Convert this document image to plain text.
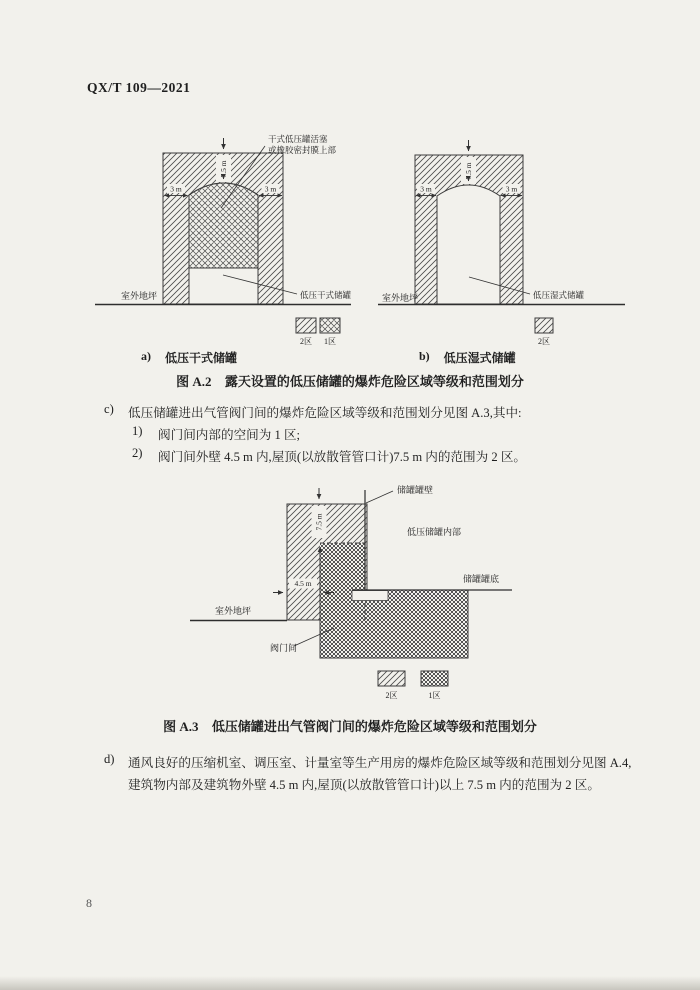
QX/T 109—2021
7.5 m
3 m	3 m
干式低压罐活塞
或橡胶密封膜上部
低压干式储罐
室外地坪
7.5 m
3 m	3 m
低压湿式储罐
室外地坪
2区 1区	2区
a) 低压干式储罐	b) 低压湿式储罐
图 A.2 露天设置的低压储罐的爆炸危险区域等级和范围划分
c)	低压储罐进出气管阀门间的爆炸危险区域等级和范围划分见图 A.3,其中:
1)	阀门间内部的空间为 1 区;
2)	阀门间外壁 4.5 m 内,屋顶(以放散管管口计)7.5 m 内的范围为 2 区。
7.5 m
4.5 m
室外地坪
储罐罐壁
低压储罐内部
储罐罐底
阀门间
2区	1区
图 A.3 低压储罐进出气管阀门间的爆炸危险区域等级和范围划分
d)	通风良好的压缩机室、调压室、计量室等生产用房的爆炸危险区域等级和范围划分见图 A.4,
建筑物内部及建筑物外壁 4.5 m 内,屋顶(以放散管管口计)以上 7.5 m 内的范围为 2 区。
8
